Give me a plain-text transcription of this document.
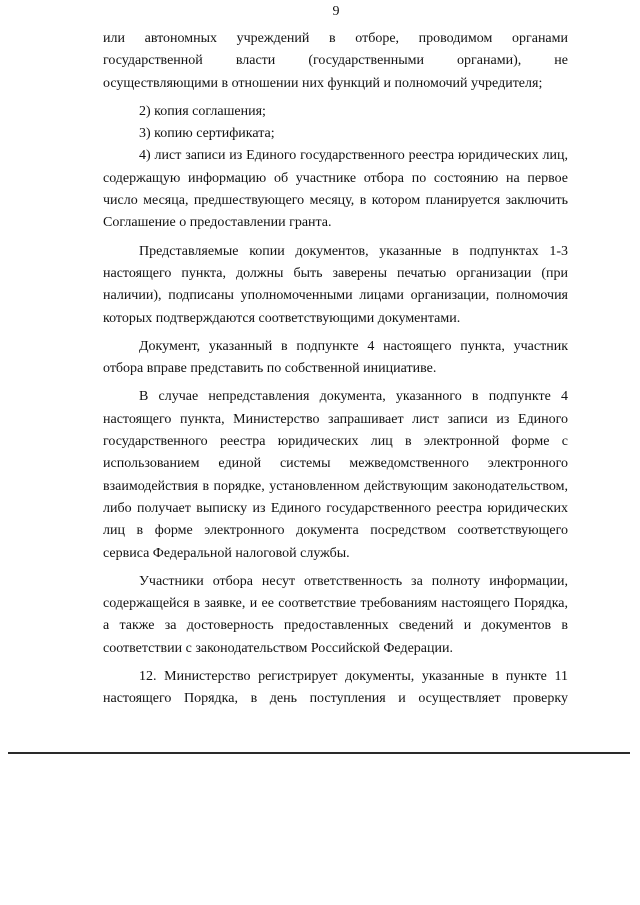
9

или автономных учреждений в отборе, проводимом органами государственной власти (государственными органами), не осуществляющими в отношении них функций и полномочий учредителя;

2) копия соглашения;

3) копию сертификата;

4) лист записи из Единого государственного реестра юридических лиц, содержащую информацию об участнике отбора по состоянию на первое число месяца, предшествующего месяцу, в котором планируется заключить Соглашение о предоставлении гранта.

Представляемые копии документов, указанные в подпунктах 1-3 настоящего пункта, должны быть заверены печатью организации (при наличии), подписаны уполномоченными лицами организации, полномочия которых подтверждаются соответствующими документами.

Документ, указанный в подпункте 4 настоящего пункта, участник отбора вправе представить по собственной инициативе.

В случае непредставления документа, указанного в подпункте 4 настоящего пункта, Министерство запрашивает лист записи из Единого государственного реестра юридических лиц в электронной форме с использованием единой системы межведомственного электронного взаимодействия в порядке, установленном действующим законодательством, либо получает выписку из Единого государственного реестра юридических лиц в форме электронного документа посредством соответствующего сервиса Федеральной налоговой службы.

Участники отбора несут ответственность за полноту информации, содержащейся в заявке, и ее соответствие требованиям настоящего Порядка, а также за достоверность предоставленных сведений и документов в соответствии с законодательством Российской Федерации.

12. Министерство регистрирует документы, указанные в пункте 11 настоящего Порядка, в день поступления и осуществляет проверку
